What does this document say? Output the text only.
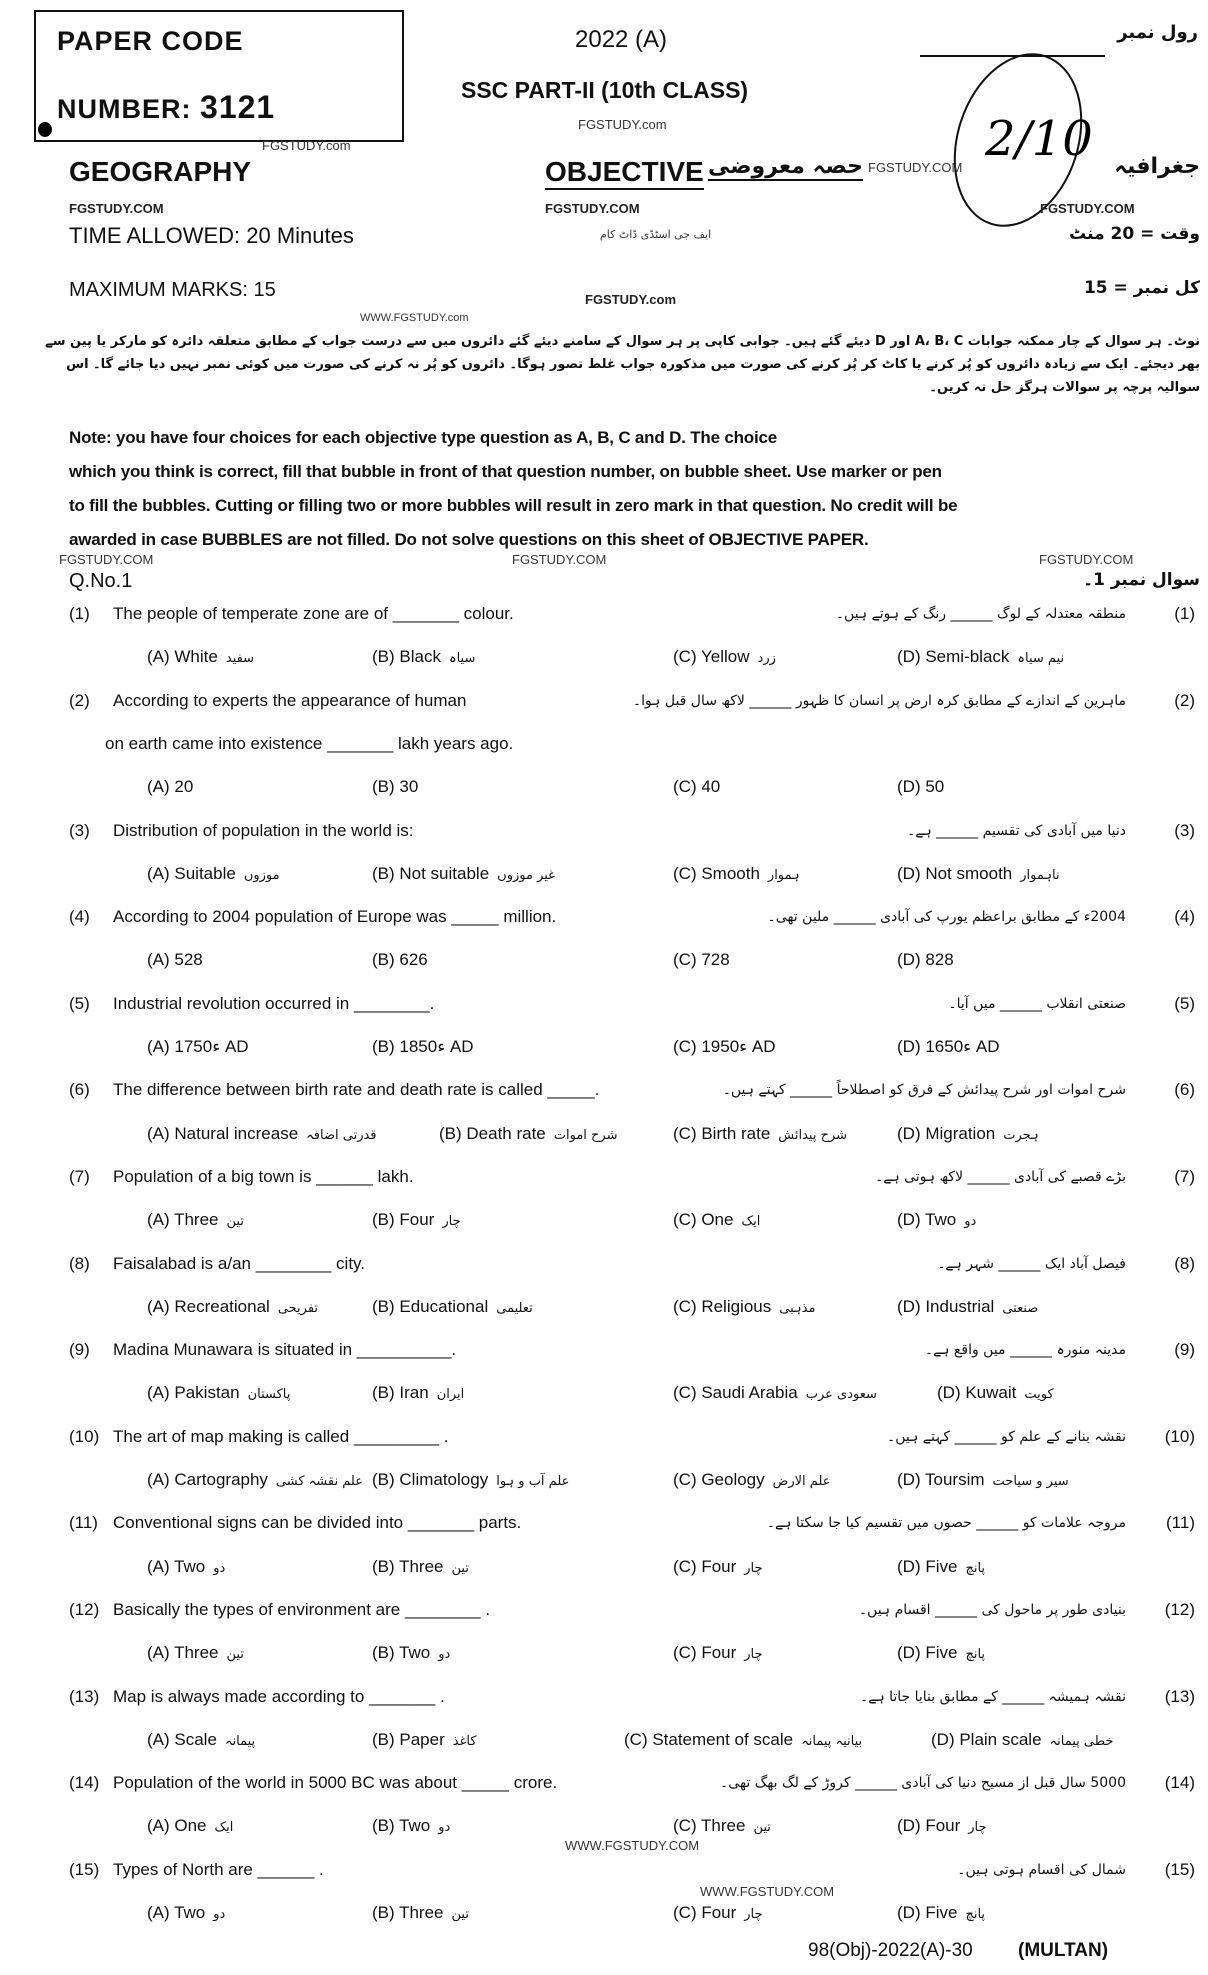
PAPER CODE
NUMBER: 3121
2022 (A)
SSC PART-II (10th CLASS)
FGSTUDY.com
رول نمبر
2/10
GEOGRAPHY
FGSTUDY.com
OBJECTIVE حصہ معروضی FGSTUDY.COM	جغرافیہ
FGSTUDY.COM	FGSTUDY.COM	FGSTUDY.COM
TIME ALLOWED: 20 Minutes	ایف جی اسٹڈی ڈاٹ کام	وقت = 20 منٹ
MAXIMUM MARKS: 15	FGSTUDY.com
کل نمبر = 15
WWW.FGSTUDY.com
نوٹ۔ ہر سوال کے چار ممکنہ جوابات A، B، C اور D دیئے گئے ہیں۔ جوابی کاپی پر ہر سوال کے سامنے دیئے گئے دائروں میں سے درست جواب کے مطابق متعلقہ دائرہ کو مارکر یا پین سے بھر دیجئے۔ ایک سے زیادہ دائروں کو پُر کرنے یا کاٹ کر پُر کرنے کی صورت میں مذکورہ جواب غلط تصور ہوگا۔ دائروں کو پُر نہ کرنے کی صورت میں کوئی نمبر نہیں دیا جائے گا۔ اس سوالیہ پرچہ پر سوالات ہرگز حل نہ کریں۔
Note: you have four choices for each objective type question as A, B, C and D. The choice
which you think is correct, fill that bubble in front of that question number, on bubble sheet. Use marker or pen
to fill the bubbles. Cutting or filling two or more bubbles will result in zero mark in that question. No credit will be
awarded in case BUBBLES are not filled. Do not solve questions on this sheet of OBJECTIVE PAPER.
FGSTUDY.COM	FGSTUDY.COM	FGSTUDY.COM
Q.No.1	سوال نمبر 1۔
(1)	منطقہ معتدلہ کے لوگ ______ رنگ کے ہوتے ہیں۔	(1)
The people of temperate zone are of _______ colour.
(A) White سفید	(B) Black سیاہ	(C) Yellow زرد	(D) Semi-black نیم سیاہ
(2)	ماہرین کے اندازے کے مطابق کرہ ارض پر انسان کا ظہور ______ لاکھ سال قبل ہوا۔	(2)
According to experts the appearance of human
on earth came into existence _______ lakh years ago.
(A) 20	(B) 30	(C) 40	(D) 50
(3)	دنیا میں آبادی کی تقسیم ______ ہے۔	(3)
Distribution of population in the world is:
(A) Suitable موزوں	(B) Not suitable غیر موزوں	(C) Smooth ہموار	(D) Not smooth ناہموار
(4)	2004ء کے مطابق براعظم یورپ کی آبادی ______ ملین تھی۔	(4)
According to 2004 population of Europe was _____ million.
(A) 528	(B) 626	(C) 728	(D) 828
(5)	صنعتی انقلاب ______ میں آیا۔	(5)
Industrial revolution occurred in ________.
(A) ء1750 AD	(B) ء1850 AD	(C) ء1950 AD	(D) ء1650 AD
(6)	شرح اموات اور شرح پیدائش کے فرق کو اصطلاحاً ______ کہتے ہیں۔	(6)
The difference between birth rate and death rate is called _____.
(A) Natural increase قدرتی اضافہ	(B) Death rate شرح اموات	(C) Birth rate شرح پیدائش	(D) Migration ہجرت
(7)	بڑے قصبے کی آبادی ______ لاکھ ہوتی ہے۔	(7)
Population of a big town is ______ lakh.
(A) Three تین	(B) Four چار	(C) One ایک	(D) Two دو
(8)	فیصل آباد ایک ______ شہر ہے۔	(8)
Faisalabad is a/an ________ city.
(A) Recreational تفریحی	(B) Educational تعلیمی	(C) Religious مذہبی	(D) Industrial صنعتی
(9)	مدینہ منورہ ______ میں واقع ہے۔	(9)
Madina Munawara is situated in __________.
(A) Pakistan پاکستان	(B) Iran ایران	(C) Saudi Arabia سعودی عرب	(D) Kuwait کویت
(10)	نقشہ بنانے کے علم کو ______ کہتے ہیں۔ (10)
The art of map making is called _________ .
(A) Cartography علم نقشہ کشی (B) Climatology علم آب و ہوا	(C) Geology علم الارض	(D) Toursim سیر و سیاحت
(11)	مروجہ علامات کو ______ حصوں میں تقسیم کیا جا سکتا ہے۔ (11)
Conventional signs can be divided into _______ parts.
(A) Two دو	(B) Three تین	(C) Four چار	(D) Five پانچ
(12)	بنیادی طور پر ماحول کی ______ اقسام ہیں۔ (12)
Basically the types of environment are ________ .
(A) Three تین	(B) Two دو	(C) Four چار	(D) Five پانچ
(13)	نقشہ ہمیشہ ______ کے مطابق بنایا جاتا ہے۔ (13)
Map is always made according to _______ .
(A) Scale پیمانہ	(B) Paper کاغذ	(C) Statement of scale بیانیہ پیمانہ	(D) Plain scale خطی پیمانہ
(14)	5000 سال قبل از مسیح دنیا کی آبادی ______ کروڑ کے لگ بھگ تھی۔ (14)
Population of the world in 5000 BC was about _____ crore.
(A) One ایک	(B) Two دو	(C) Three تین	(D) Four چار
(15)	شمال کی اقسام ہوتی ہیں۔ (15)
Types of North are ______ .
(A) Two دو	(B) Three تین	(C) Four چار	(D) Five پانچ
WWW.FGSTUDY.COM
WWW.FGSTUDY.COM
98(Obj)-2022(A)-30 (MULTAN)
